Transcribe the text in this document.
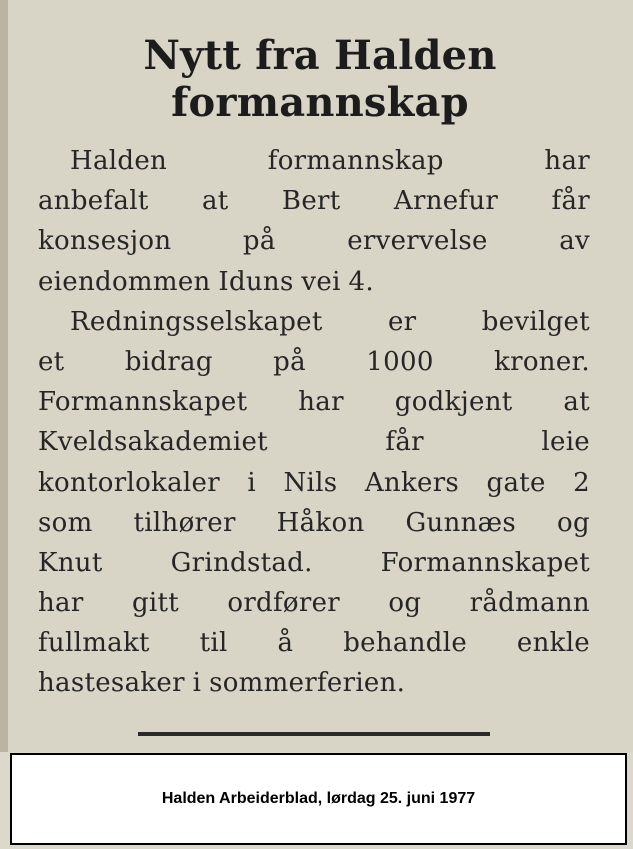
Nytt fra Halden
formannskap
Halden	formannskap	har
anbefalt at Bert Arnefur får
konsesjon	på	ervervelse	av
eiendommen Iduns vei 4.
Redningsselskapet	er	bevilget
et bidrag på 1000 kroner.
Formannskapet har godkjent at
Kveldsakademiet	får	leie
kontorlokaler i Nils Ankers gate 2
som tilhører Håkon Gunnæs og
Knut	Grindstad.	Formannskapet
har gitt ordfører og rådmann
fullmakt til å behandle enkle
hastesaker i sommerferien.
Halden Arbeiderblad, lørdag 25. juni 1977
